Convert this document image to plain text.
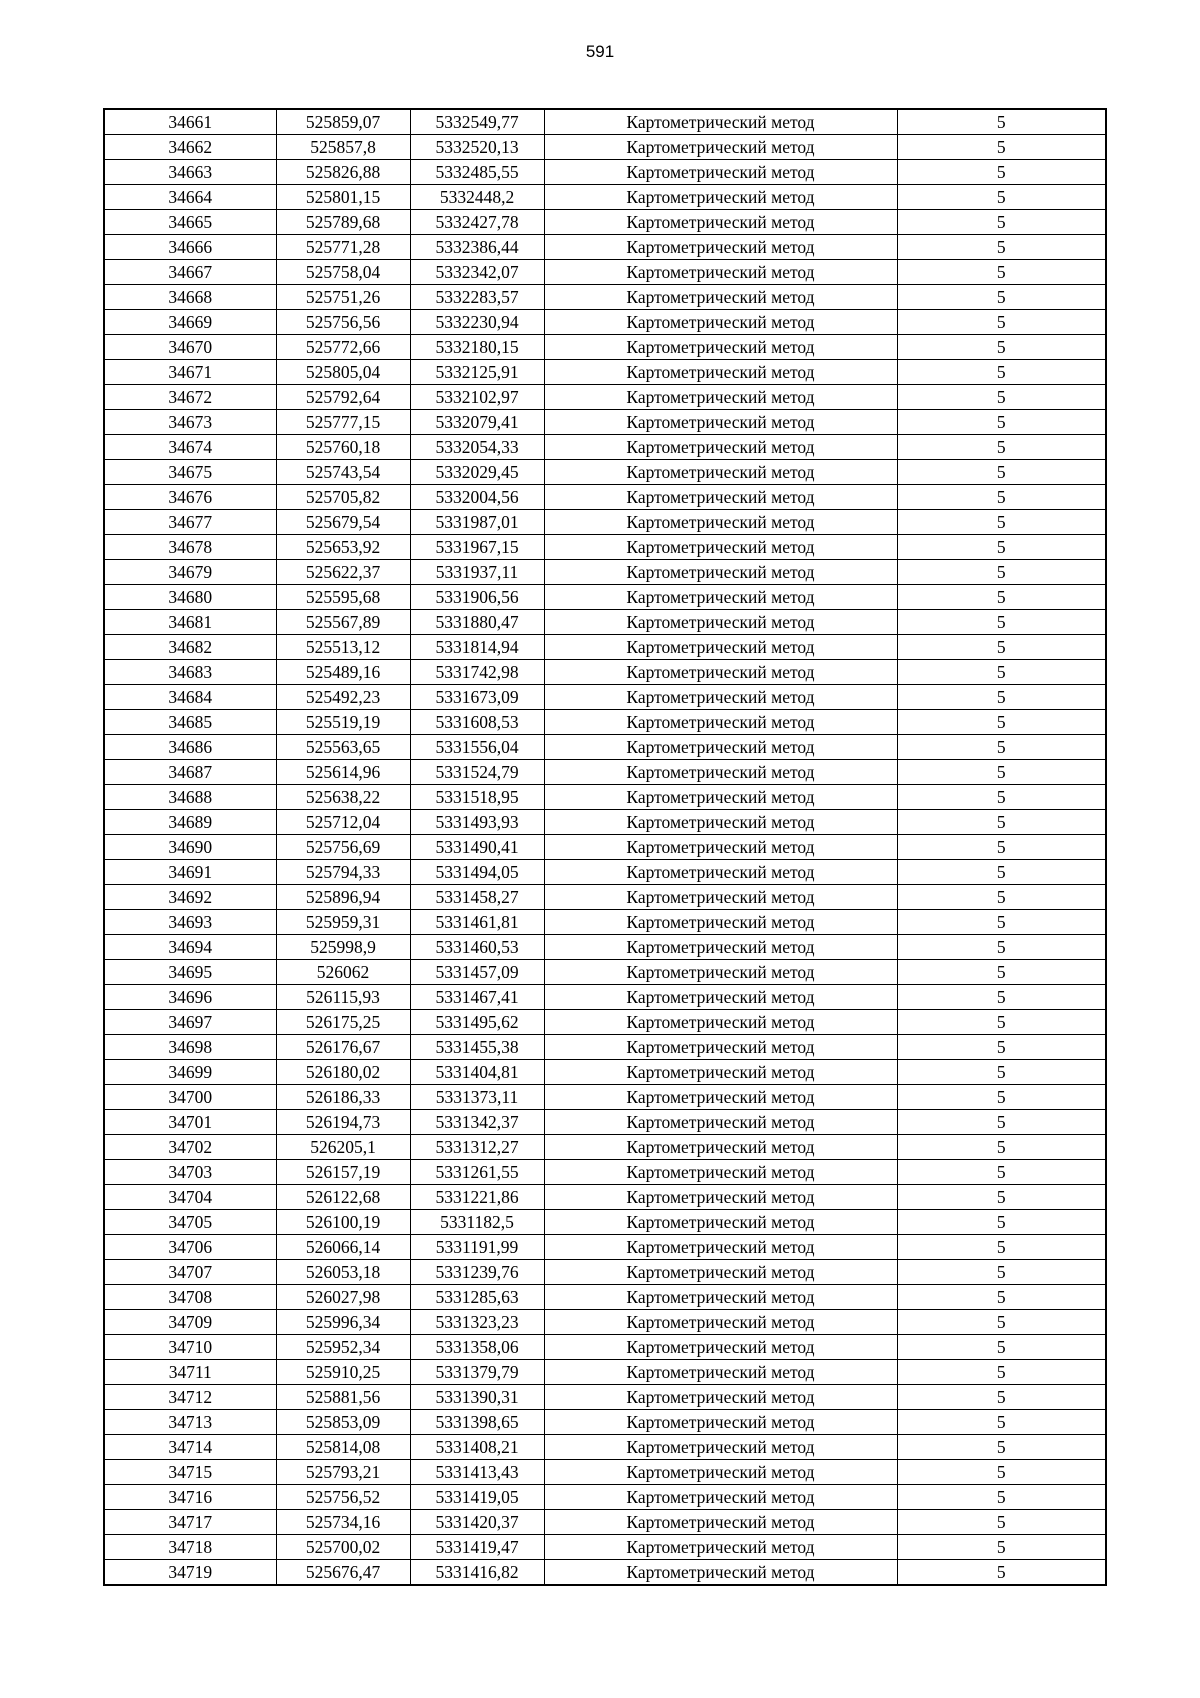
591
34661	525859,07	5332549,77	Картометрический метод	5
34662	525857,8	5332520,13	Картометрический метод	5
34663	525826,88	5332485,55	Картометрический метод	5
34664	525801,15	5332448,2	Картометрический метод	5
34665	525789,68	5332427,78	Картометрический метод	5
34666	525771,28	5332386,44	Картометрический метод	5
34667	525758,04	5332342,07	Картометрический метод	5
34668	525751,26	5332283,57	Картометрический метод	5
34669	525756,56	5332230,94	Картометрический метод	5
34670	525772,66	5332180,15	Картометрический метод	5
34671	525805,04	5332125,91	Картометрический метод	5
34672	525792,64	5332102,97	Картометрический метод	5
34673	525777,15	5332079,41	Картометрический метод	5
34674	525760,18	5332054,33	Картометрический метод	5
34675	525743,54	5332029,45	Картометрический метод	5
34676	525705,82	5332004,56	Картометрический метод	5
34677	525679,54	5331987,01	Картометрический метод	5
34678	525653,92	5331967,15	Картометрический метод	5
34679	525622,37	5331937,11	Картометрический метод	5
34680	525595,68	5331906,56	Картометрический метод	5
34681	525567,89	5331880,47	Картометрический метод	5
34682	525513,12	5331814,94	Картометрический метод	5
34683	525489,16	5331742,98	Картометрический метод	5
34684	525492,23	5331673,09	Картометрический метод	5
34685	525519,19	5331608,53	Картометрический метод	5
34686	525563,65	5331556,04	Картометрический метод	5
34687	525614,96	5331524,79	Картометрический метод	5
34688	525638,22	5331518,95	Картометрический метод	5
34689	525712,04	5331493,93	Картометрический метод	5
34690	525756,69	5331490,41	Картометрический метод	5
34691	525794,33	5331494,05	Картометрический метод	5
34692	525896,94	5331458,27	Картометрический метод	5
34693	525959,31	5331461,81	Картометрический метод	5
34694	525998,9	5331460,53	Картометрический метод	5
34695	526062	5331457,09	Картометрический метод	5
34696	526115,93	5331467,41	Картометрический метод	5
34697	526175,25	5331495,62	Картометрический метод	5
34698	526176,67	5331455,38	Картометрический метод	5
34699	526180,02	5331404,81	Картометрический метод	5
34700	526186,33	5331373,11	Картометрический метод	5
34701	526194,73	5331342,37	Картометрический метод	5
34702	526205,1	5331312,27	Картометрический метод	5
34703	526157,19	5331261,55	Картометрический метод	5
34704	526122,68	5331221,86	Картометрический метод	5
34705	526100,19	5331182,5	Картометрический метод	5
34706	526066,14	5331191,99	Картометрический метод	5
34707	526053,18	5331239,76	Картометрический метод	5
34708	526027,98	5331285,63	Картометрический метод	5
34709	525996,34	5331323,23	Картометрический метод	5
34710	525952,34	5331358,06	Картометрический метод	5
34711	525910,25	5331379,79	Картометрический метод	5
34712	525881,56	5331390,31	Картометрический метод	5
34713	525853,09	5331398,65	Картометрический метод	5
34714	525814,08	5331408,21	Картометрический метод	5
34715	525793,21	5331413,43	Картометрический метод	5
34716	525756,52	5331419,05	Картометрический метод	5
34717	525734,16	5331420,37	Картометрический метод	5
34718	525700,02	5331419,47	Картометрический метод	5
34719	525676,47	5331416,82	Картометрический метод	5
